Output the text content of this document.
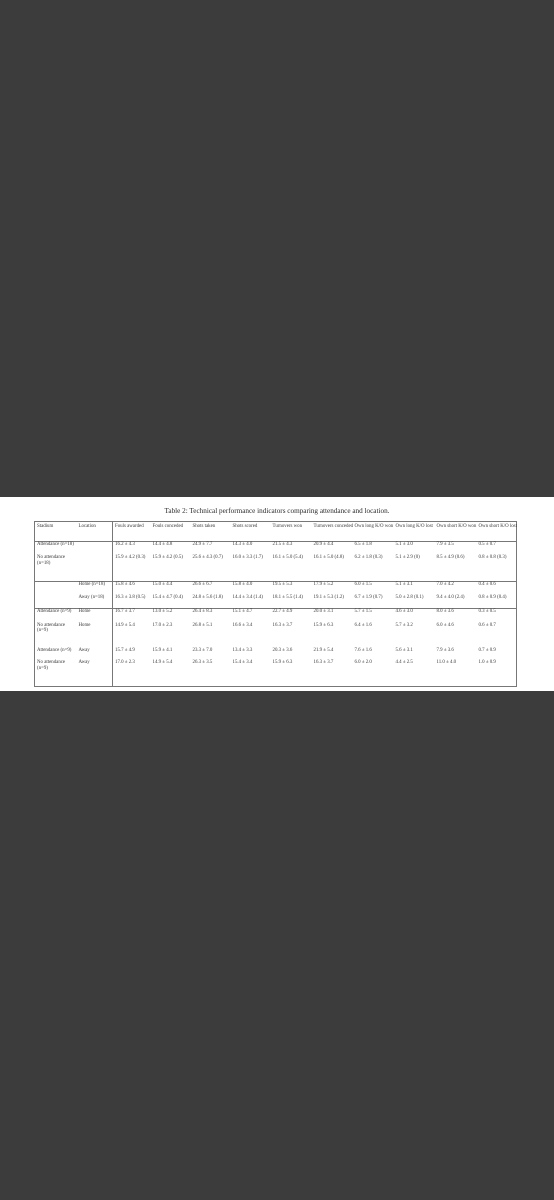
Table 2: Technical performance indicators comparing attendance and location.
Stadium	Location	Fouls awarded	Fouls conceded	Shots taken	Shots scored	Turnovers won	Turnovers conceded	Own long K/O won	Own long K/O lost	Own short K/O won	Own short K/O lost
Attendance (n=18)		16.2 ± 4.3	14.4 ± 4.8	24.9 ± 7.7	14.3 ± 4.0	21.5 ± 4.3	20.9 ± 4.4	6.5 ± 1.8	5.1 ± 3.0	7.9 ± 3.5	0.5 ± 0.7
No attendance (n=18)		15.9 ± 4.2 (0.3)	15.9 ± 4.2 (0.5)	25.6 ± 4.3 (0.7)	16.0 ± 3.3 (1.7)	16.1 ± 5.0 (5.4)	16.1 ± 5.0 (4.8)	6.2 ± 1.8 (0.3)	5.1 ± 2.9 (0)	8.5 ± 4.9 (0.6)	0.8 ± 0.8 (0.3)
	Home (n=18)	15.8 ± 4.6	15.0 ± 4.4	26.6 ± 6.7	15.8 ± 4.0	19.5 ± 5.3	17.9 ± 5.2	6.0 ± 1.5	5.1 ± 3.1	7.0 ± 4.2	0.4 ± 0.6
	Away (n=18)	16.3 ± 3.8 (0.5)	15.4 ± 4.7 (0.4)	24.8 ± 5.6 (1.8)	14.4 ± 3.4 (1.4)	18.1 ± 5.5 (1.4)	19.1 ± 5.3 (1.2)	6.7 ± 1.9 (0.7)	5.0 ± 2.8 (0.1)	9.4 ± 4.0 (2.4)	0.8 ± 0.9 (0.4)
Attendance (n=9)	Home	16.7 ± 3.7	13.0 ± 5.2	26.4 ± 8.3	15.1 ± 4.7	22.7 ± 4.9	20.0 ± 3.1	5.7 ± 1.5	4.6 ± 3.0	8.0 ± 3.6	0.3 ± 0.5
No attendance (n=9)	Home	14.9 ± 5.4	17.0 ± 2.3	26.8 ± 5.1	16.6 ± 3.4	16.3 ± 3.7	15.9 ± 6.3	6.4 ± 1.6	5.7 ± 3.2	6.0 ± 4.6	0.6 ± 0.7
Attendance (n=9)	Away	15.7 ± 4.9	15.9 ± 4.1	23.3 ± 7.0	13.4 ± 3.3	20.3 ± 3.6	21.9 ± 5.4	7.6 ± 1.6	5.6 ± 3.1	7.9 ± 3.6	0.7 ± 0.9
No attendance (n=9)	Away	17.0 ± 2.3	14.9 ± 5.4	26.3 ± 3.5	15.4 ± 3.4	15.9 ± 6.3	16.3 ± 3.7	6.0 ± 2.0	4.4 ± 2.5	11.0 ± 4.0	1.0 ± 0.9
